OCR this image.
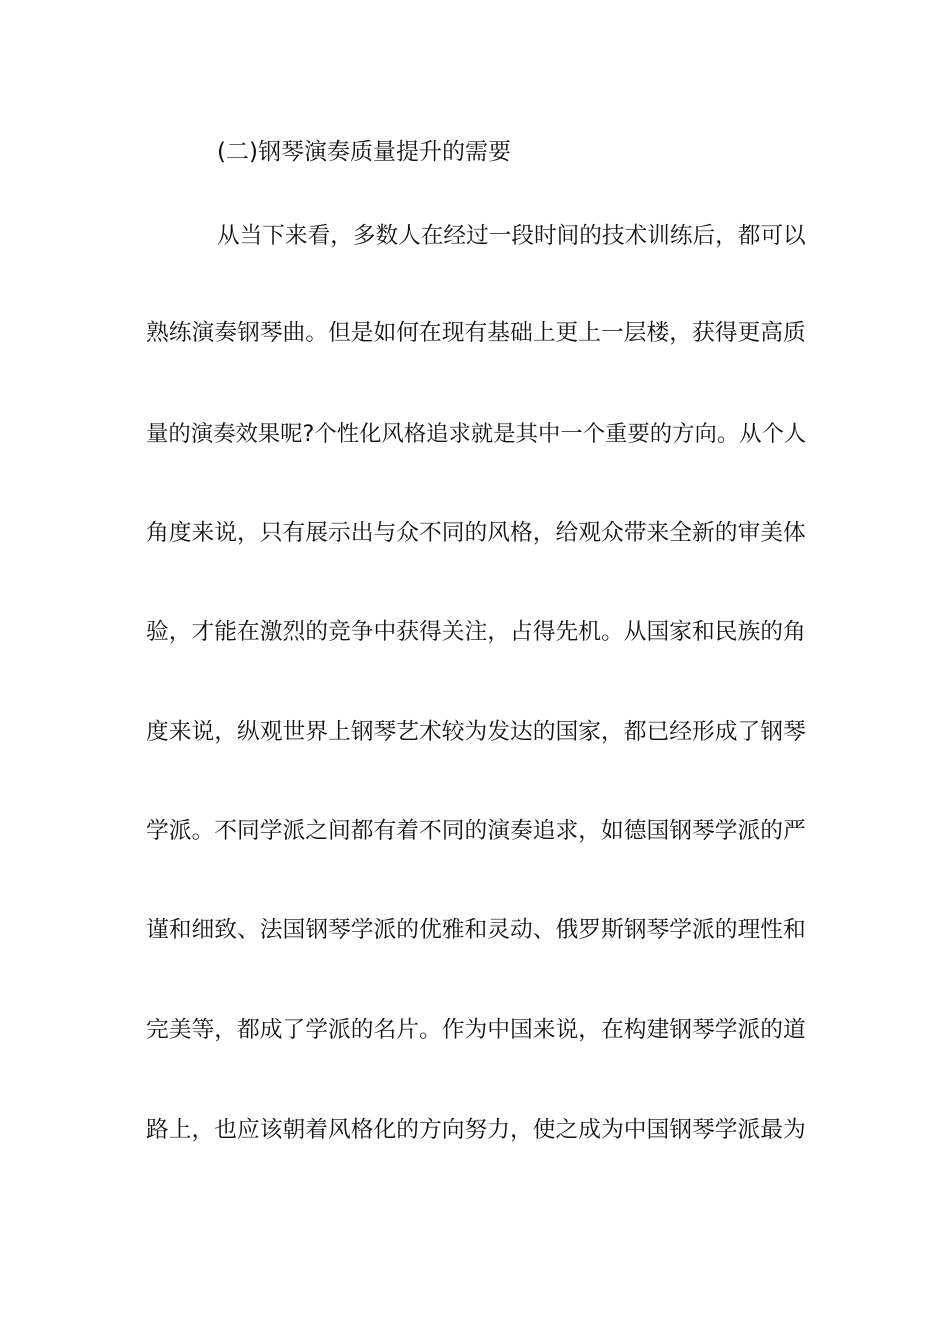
(二)钢琴演奏质量提升的需要
从当下来看，多数人在经过一段时间的技术训练后，都可以
熟练演奏钢琴曲。但是如何在现有基础上更上一层楼，获得更高质
量的演奏效果呢?个性化风格追求就是其中一个重要的方向。从个人
角度来说，只有展示出与众不同的风格，给观众带来全新的审美体
验，才能在激烈的竞争中获得关注，占得先机。从国家和民族的角
度来说，纵观世界上钢琴艺术较为发达的国家，都已经形成了钢琴
学派。不同学派之间都有着不同的演奏追求，如德国钢琴学派的严
谨和细致、法国钢琴学派的优雅和灵动、俄罗斯钢琴学派的理性和
完美等，都成了学派的名片。作为中国来说，在构建钢琴学派的道
路上，也应该朝着风格化的方向努力，使之成为中国钢琴学派最为
